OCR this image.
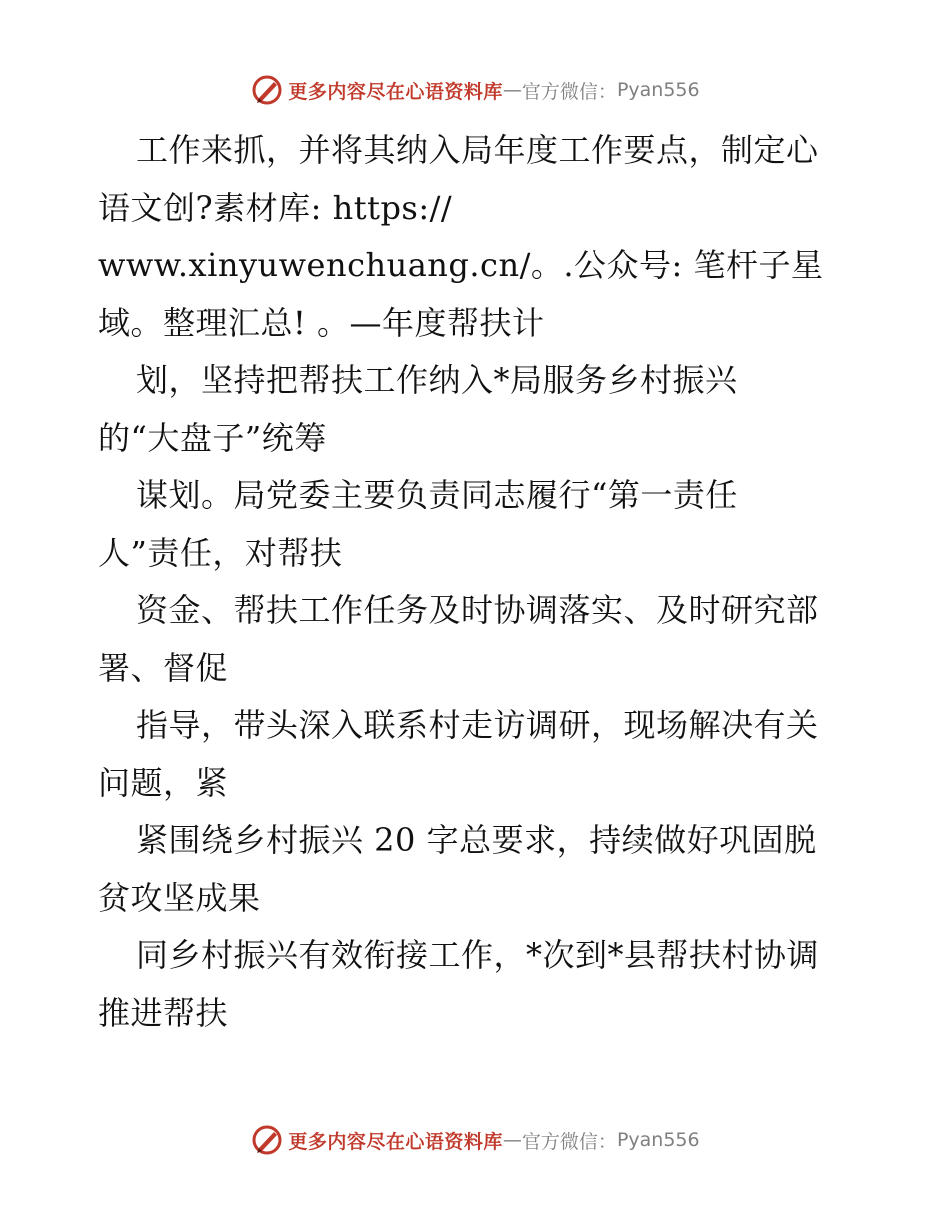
更多内容尽在心语资料库 — 官方微信： Pyan556
工作来抓，并将其纳入局年度工作要点，制定心
语文创?素材库: https://
www.xinyuwenchuang.cn/。.公众号: 笔杆子星
域。整理汇总! 。—年度帮扶计
划，坚持把帮扶工作纳入*局服务乡村振兴
的“大盘子”统筹
谋划。局党委主要负责同志履行“第一责任
人”责任，对帮扶
资金、帮扶工作任务及时协调落实、及时研究部
署、督促
指导，带头深入联系村走访调研，现场解决有关
问题，紧
紧围绕乡村振兴 20 字总要求，持续做好巩固脱
贫攻坚成果
同乡村振兴有效衔接工作，*次到*县帮扶村协调
推进帮扶
更多内容尽在心语资料库 — 官方微信： Pyan556
